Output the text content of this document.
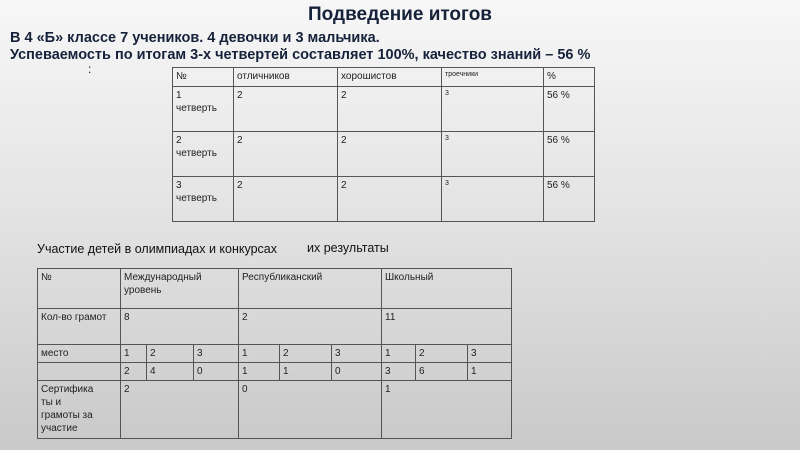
Подведение итогов
В 4 «Б» классе 7 учеников. 4 девочки и 3 мальчика.
Успеваемость по итогам 3-х четвертей составляет 100%, качество знаний – 56 %
:
№	отличников	хорошистов	троечники	%
1
четверть	2	2	3	56 %
2
четверть	2	2	3	56 %
3
четверть	2	2	3	56 %
Участие детей в олимпиадах и конкурсах их результаты
№	Международный уровень			Республиканский			Школьный		
Кол-во грамот	8			2			11		
место	1	2	3	1	2	3	1	2	3
	2	4	0	1	1	0	3	6	1
Сертифика
ты и
грамоты за
участие	2			0			1		
